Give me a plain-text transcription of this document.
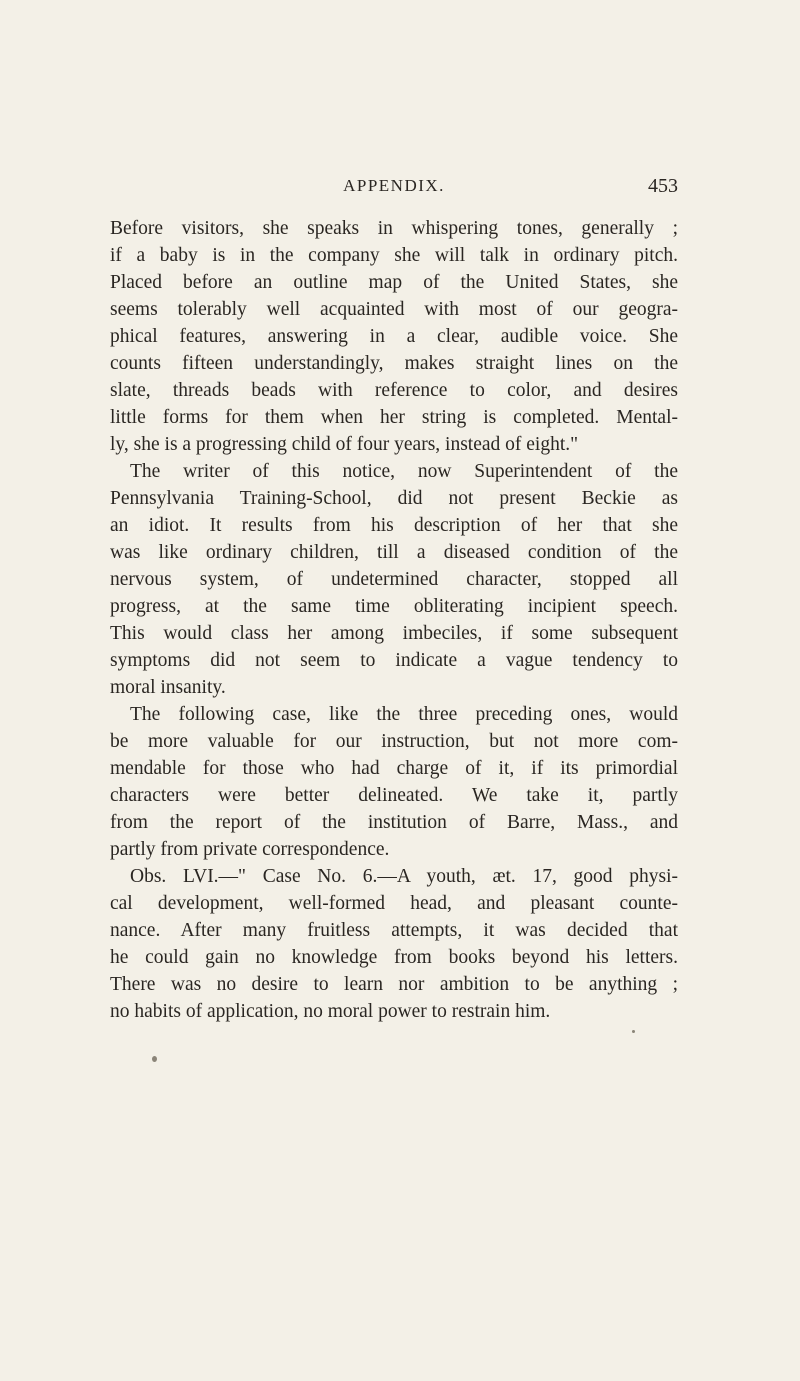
APPENDIX.	453
Before visitors, she speaks in whispering tones, generally ;
if a baby is in the company she will talk in ordinary pitch.
Placed before an outline map of the United States, she
seems tolerably well acquainted with most of our geogra-
phical features, answering in a clear, audible voice. She
counts fifteen understandingly, makes straight lines on the
slate, threads beads with reference to color, and desires
little forms for them when her string is completed. Mental-
ly, she is a progressing child of four years, instead of eight."
The writer of this notice, now Superintendent of the
Pennsylvania Training-School, did not present Beckie as
an idiot. It results from his description of her that she
was like ordinary children, till a diseased condition of the
nervous system, of undetermined character, stopped all
progress, at the same time obliterating incipient speech.
This would class her among imbeciles, if some subsequent
symptoms did not seem to indicate a vague tendency to
moral insanity.
The following case, like the three preceding ones, would
be more valuable for our instruction, but not more com-
mendable for those who had charge of it, if its primordial
characters were better delineated. We take it, partly
from the report of the institution of Barre, Mass., and
partly from private correspondence.
Obs. LVI.—" Case No. 6.—A youth, æt. 17, good physi-
cal development, well-formed head, and pleasant counte-
nance. After many fruitless attempts, it was decided that
he could gain no knowledge from books beyond his letters.
There was no desire to learn nor ambition to be anything ;
no habits of application, no moral power to restrain him.
